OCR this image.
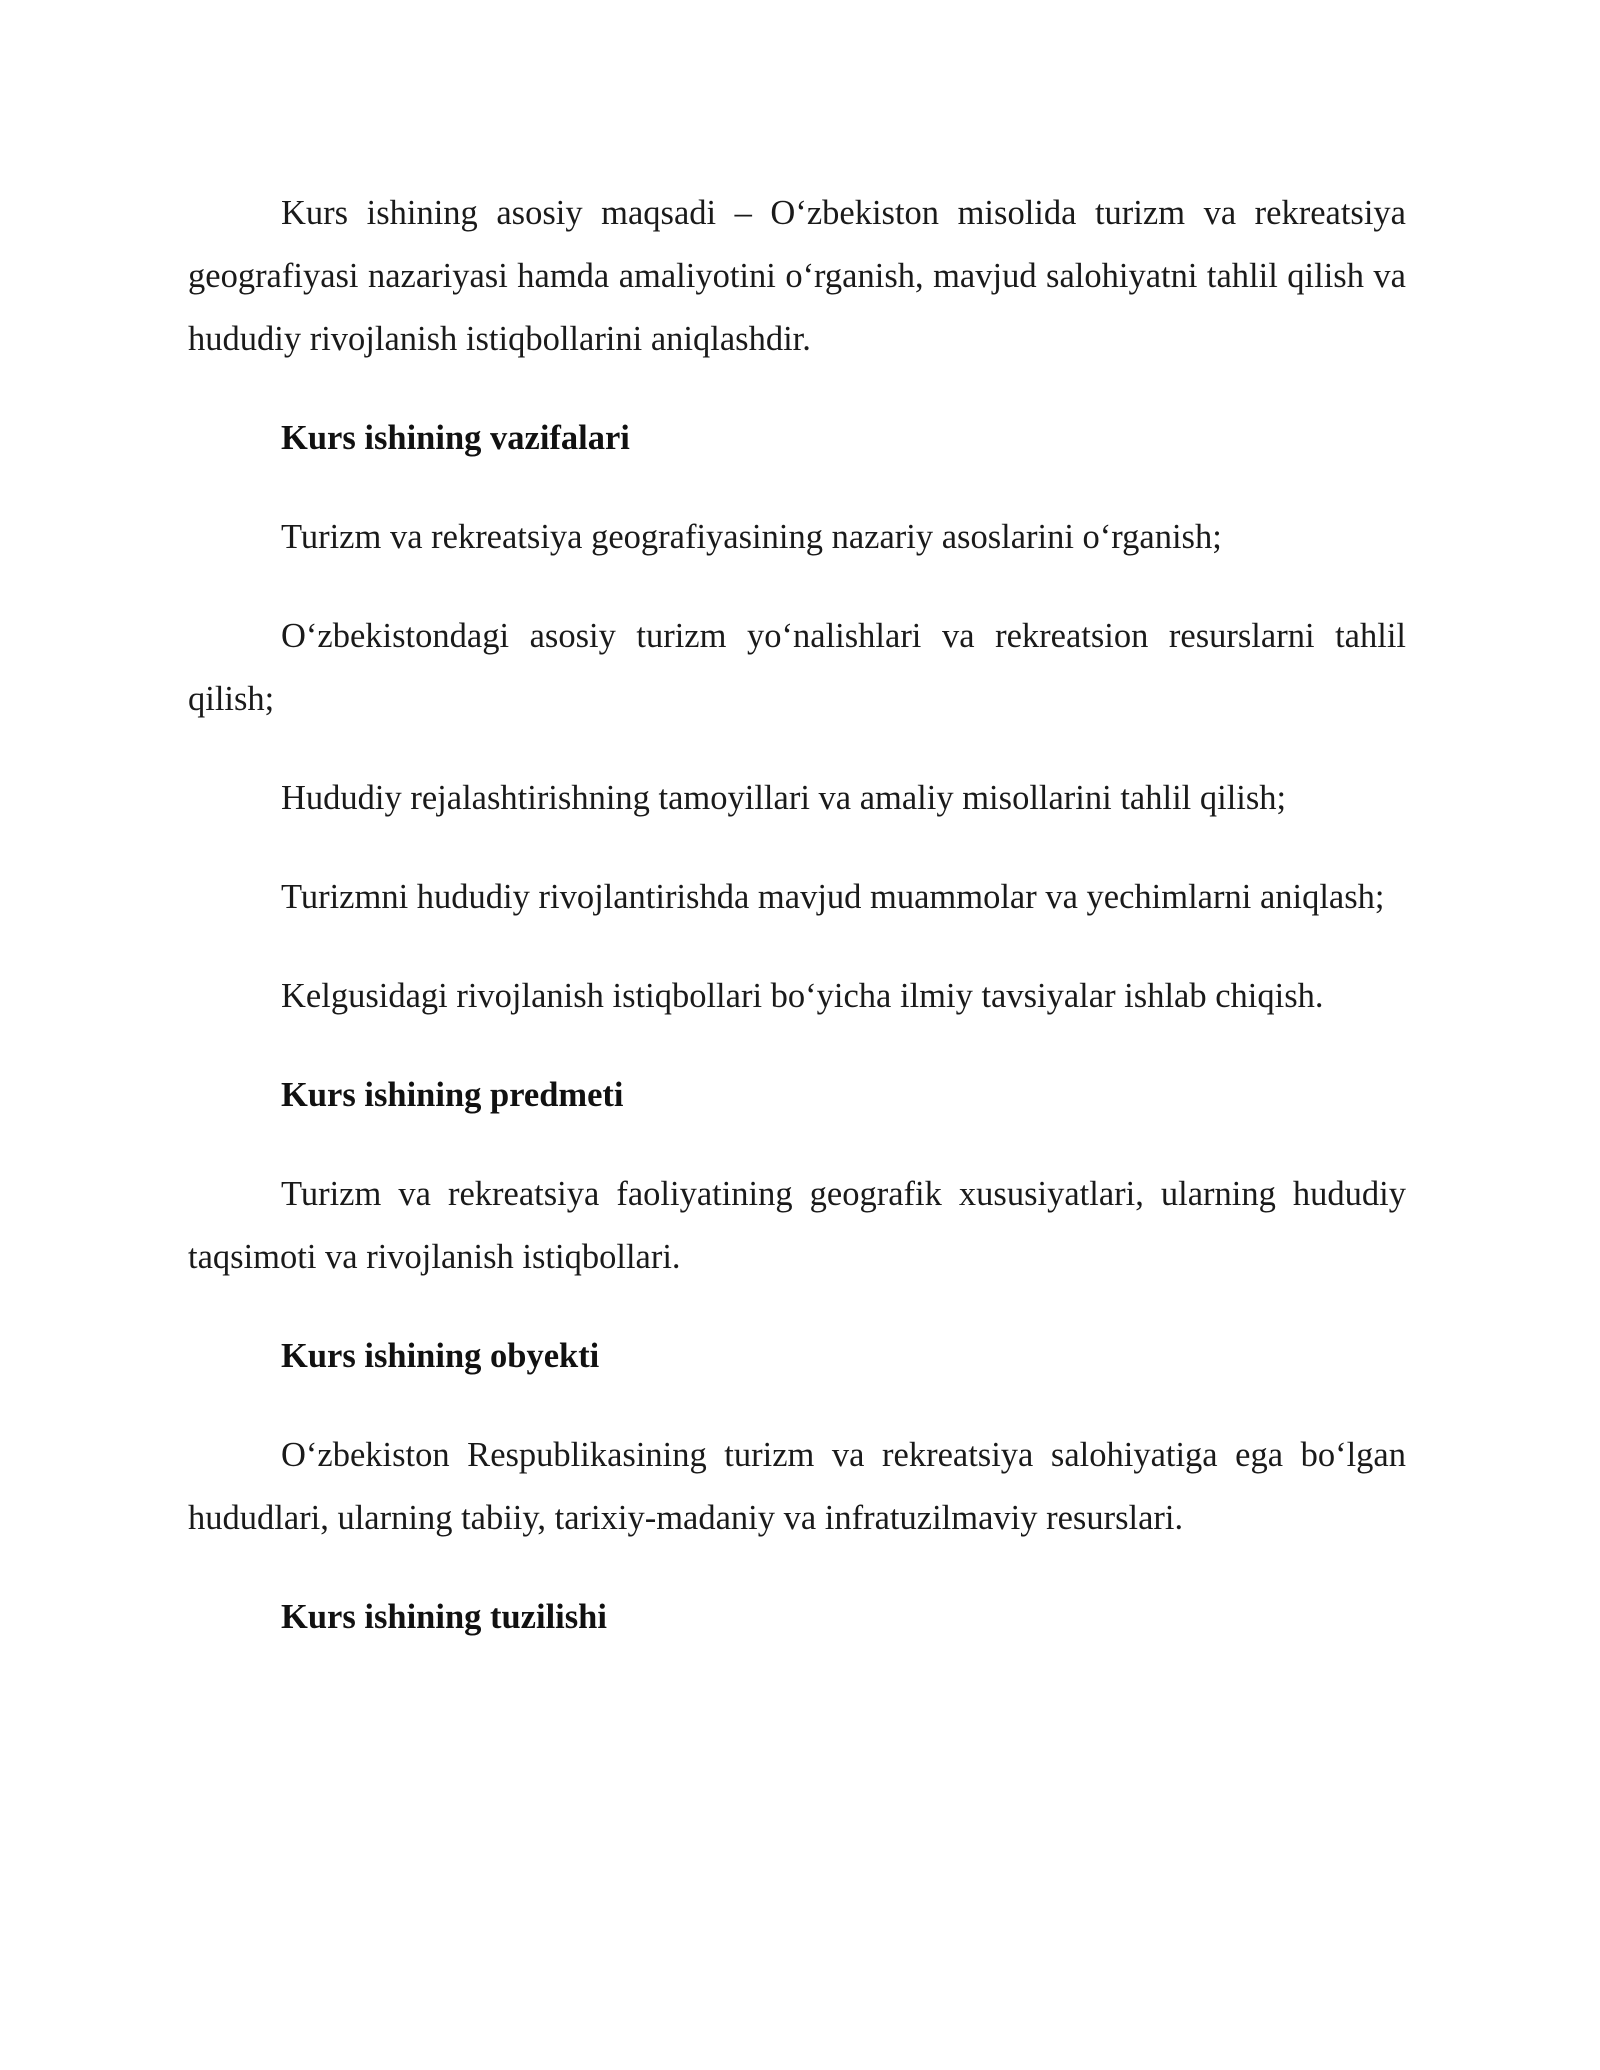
Kurs ishining asosiy maqsadi – O‘zbekiston misolida turizm va rekreatsiya geografiyasi nazariyasi hamda amaliyotini o‘rganish, mavjud salohiyatni tahlil qilish va hududiy rivojlanish istiqbollarini aniqlashdir.

Kurs ishining vazifalari

Turizm va rekreatsiya geografiyasining nazariy asoslarini o‘rganish;

O‘zbekistondagi asosiy turizm yo‘nalishlari va rekreatsion resurslarni tahlil qilish;

Hududiy rejalashtirishning tamoyillari va amaliy misollarini tahlil qilish;

Turizmni hududiy rivojlantirishda mavjud muammolar va yechimlarni aniqlash;

Kelgusidagi rivojlanish istiqbollari bo‘yicha ilmiy tavsiyalar ishlab chiqish.

Kurs ishining predmeti

Turizm va rekreatsiya faoliyatining geografik xususiyatlari, ularning hududiy taqsimoti va rivojlanish istiqbollari.

Kurs ishining obyekti

O‘zbekiston Respublikasining turizm va rekreatsiya salohiyatiga ega bo‘lgan hududlari, ularning tabiiy, tarixiy-madaniy va infratuzilmaviy resurslari.

Kurs ishining tuzilishi
